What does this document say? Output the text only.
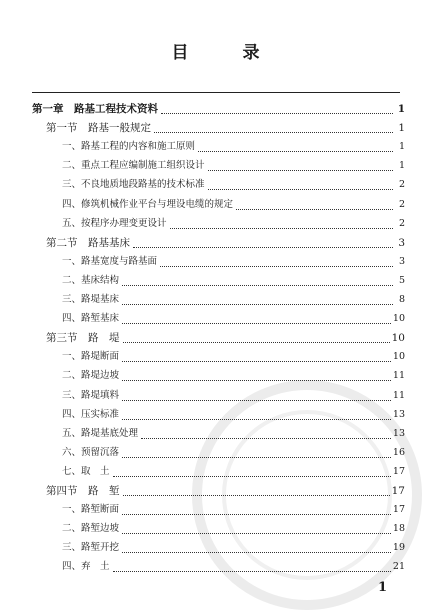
目 录
第一章　路基工程技术资料	1
第一节　路基一般规定	1
一、路基工程的内容和施工原则	1
二、重点工程应编制施工组织设计	1
三、不良地质地段路基的技术标准	2
四、修筑机械作业平台与埋设电缆的规定	2
五、按程序办理变更设计	2
第二节　路基基床	3
一、路基宽度与路基面	3
二、基床结构	5
三、路堤基床	8
四、路堑基床	10
第三节　路　堤	10
一、路堤断面	10
二、路堤边坡	11
三、路堤填料	11
四、压实标准	13
五、路堤基底处理	13
六、预留沉落	16
七、取　土	17
第四节　路　堑	17
一、路堑断面	17
二、路堑边坡	18
三、路堑开挖	19
四、弃　土	21
1
